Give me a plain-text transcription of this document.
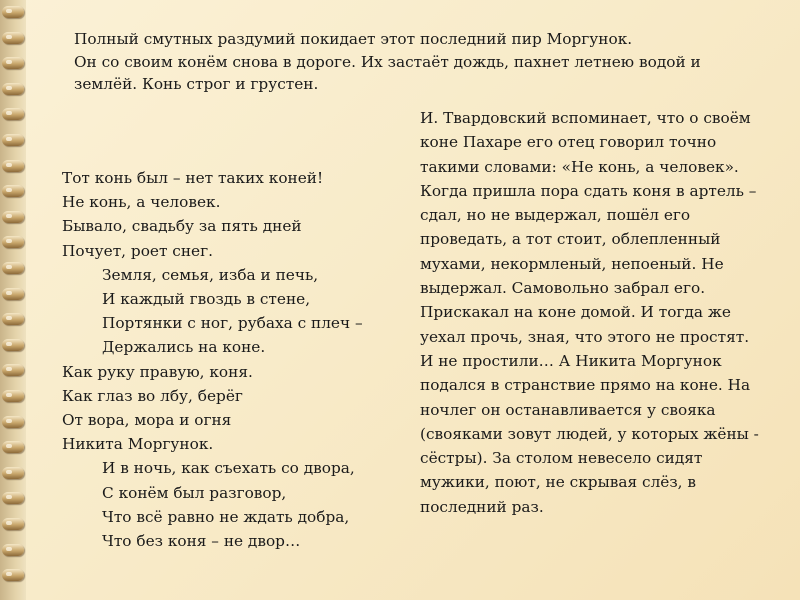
Полный смутных раздумий покидает этот последний пир Моргунок.
Он со своим конём снова в дороге. Их застаёт дождь, пахнет летнею водой и
землёй. Конь строг и грустен.
Тот конь был – нет таких коней!
Не конь, а человек.
Бывало, свадьбу за пять дней
Почует, роет снег.
Земля, семья, изба и печь,
И каждый гвоздь в стене,
Портянки с ног, рубаха с плеч –
Держались на коне.
Как руку правую, коня.
Как глаз во лбу, берёг
От вора, мора и огня
Никита Моргунок.
И в ночь, как съехать со двора,
С конём был разговор,
Что всё равно не ждать добра,
Что без коня – не двор…
И. Твардовский вспоминает, что о своём
коне Пахаре его отец говорил точно
такими словами: «Не конь, а человек».
Когда пришла пора сдать коня в артель –
сдал, но не выдержал, пошёл его
проведать, а тот стоит, облепленный
мухами, некормленый, непоеный. Не
выдержал. Самовольно забрал его.
Прискакал на коне домой. И тогда же
уехал прочь, зная, что этого не простят.
И не простили… А Никита Моргунок
подался в странствие прямо на коне. На
ночлег он останавливается у свояка
(свояками зовут людей, у которых жёны -
сёстры). За столом невесело сидят
мужики, поют, не скрывая слёз, в
последний раз.
